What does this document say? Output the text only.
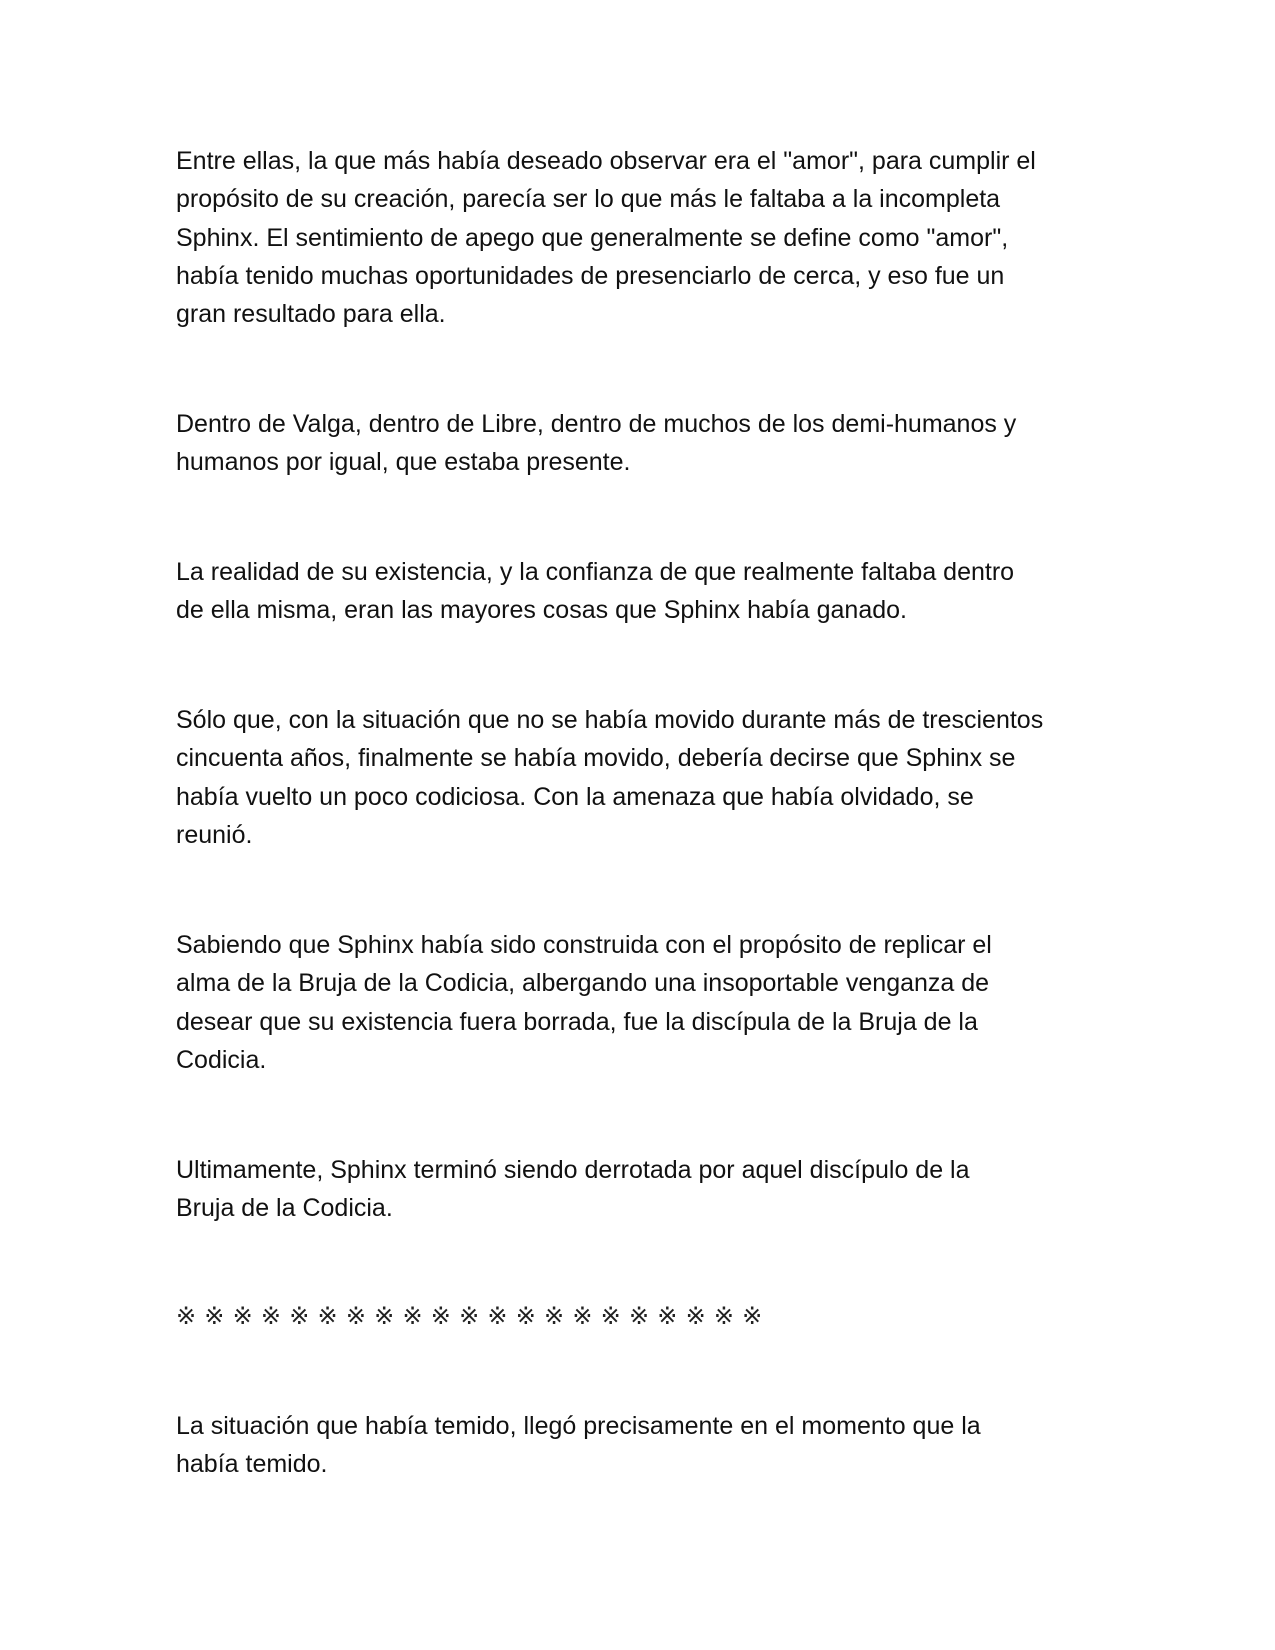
Entre ellas, la que más había deseado observar era el "amor", para cumplir el
propósito de su creación, parecía ser lo que más le faltaba a la incompleta
Sphinx. El sentimiento de apego que generalmente se define como "amor",
había tenido muchas oportunidades de presenciarlo de cerca, y eso fue un
gran resultado para ella.

Dentro de Valga, dentro de Libre, dentro de muchos de los demi-humanos y
humanos por igual, que estaba presente.

La realidad de su existencia, y la confianza de que realmente faltaba dentro
de ella misma, eran las mayores cosas que Sphinx había ganado.

Sólo que, con la situación que no se había movido durante más de trescientos
cincuenta años, finalmente se había movido, debería decirse que Sphinx se
había vuelto un poco codiciosa. Con la amenaza que había olvidado, se
reunió.

Sabiendo que Sphinx había sido construida con el propósito de replicar el
alma de la Bruja de la Codicia, albergando una insoportable venganza de
desear que su existencia fuera borrada, fue la discípula de la Bruja de la
Codicia.

Ultimamente, Sphinx terminó siendo derrotada por aquel discípulo de la
Bruja de la Codicia.

※※※※※※※※※※※※※※※※※※※※※

La situación que había temido, llegó precisamente en el momento que la
había temido.
